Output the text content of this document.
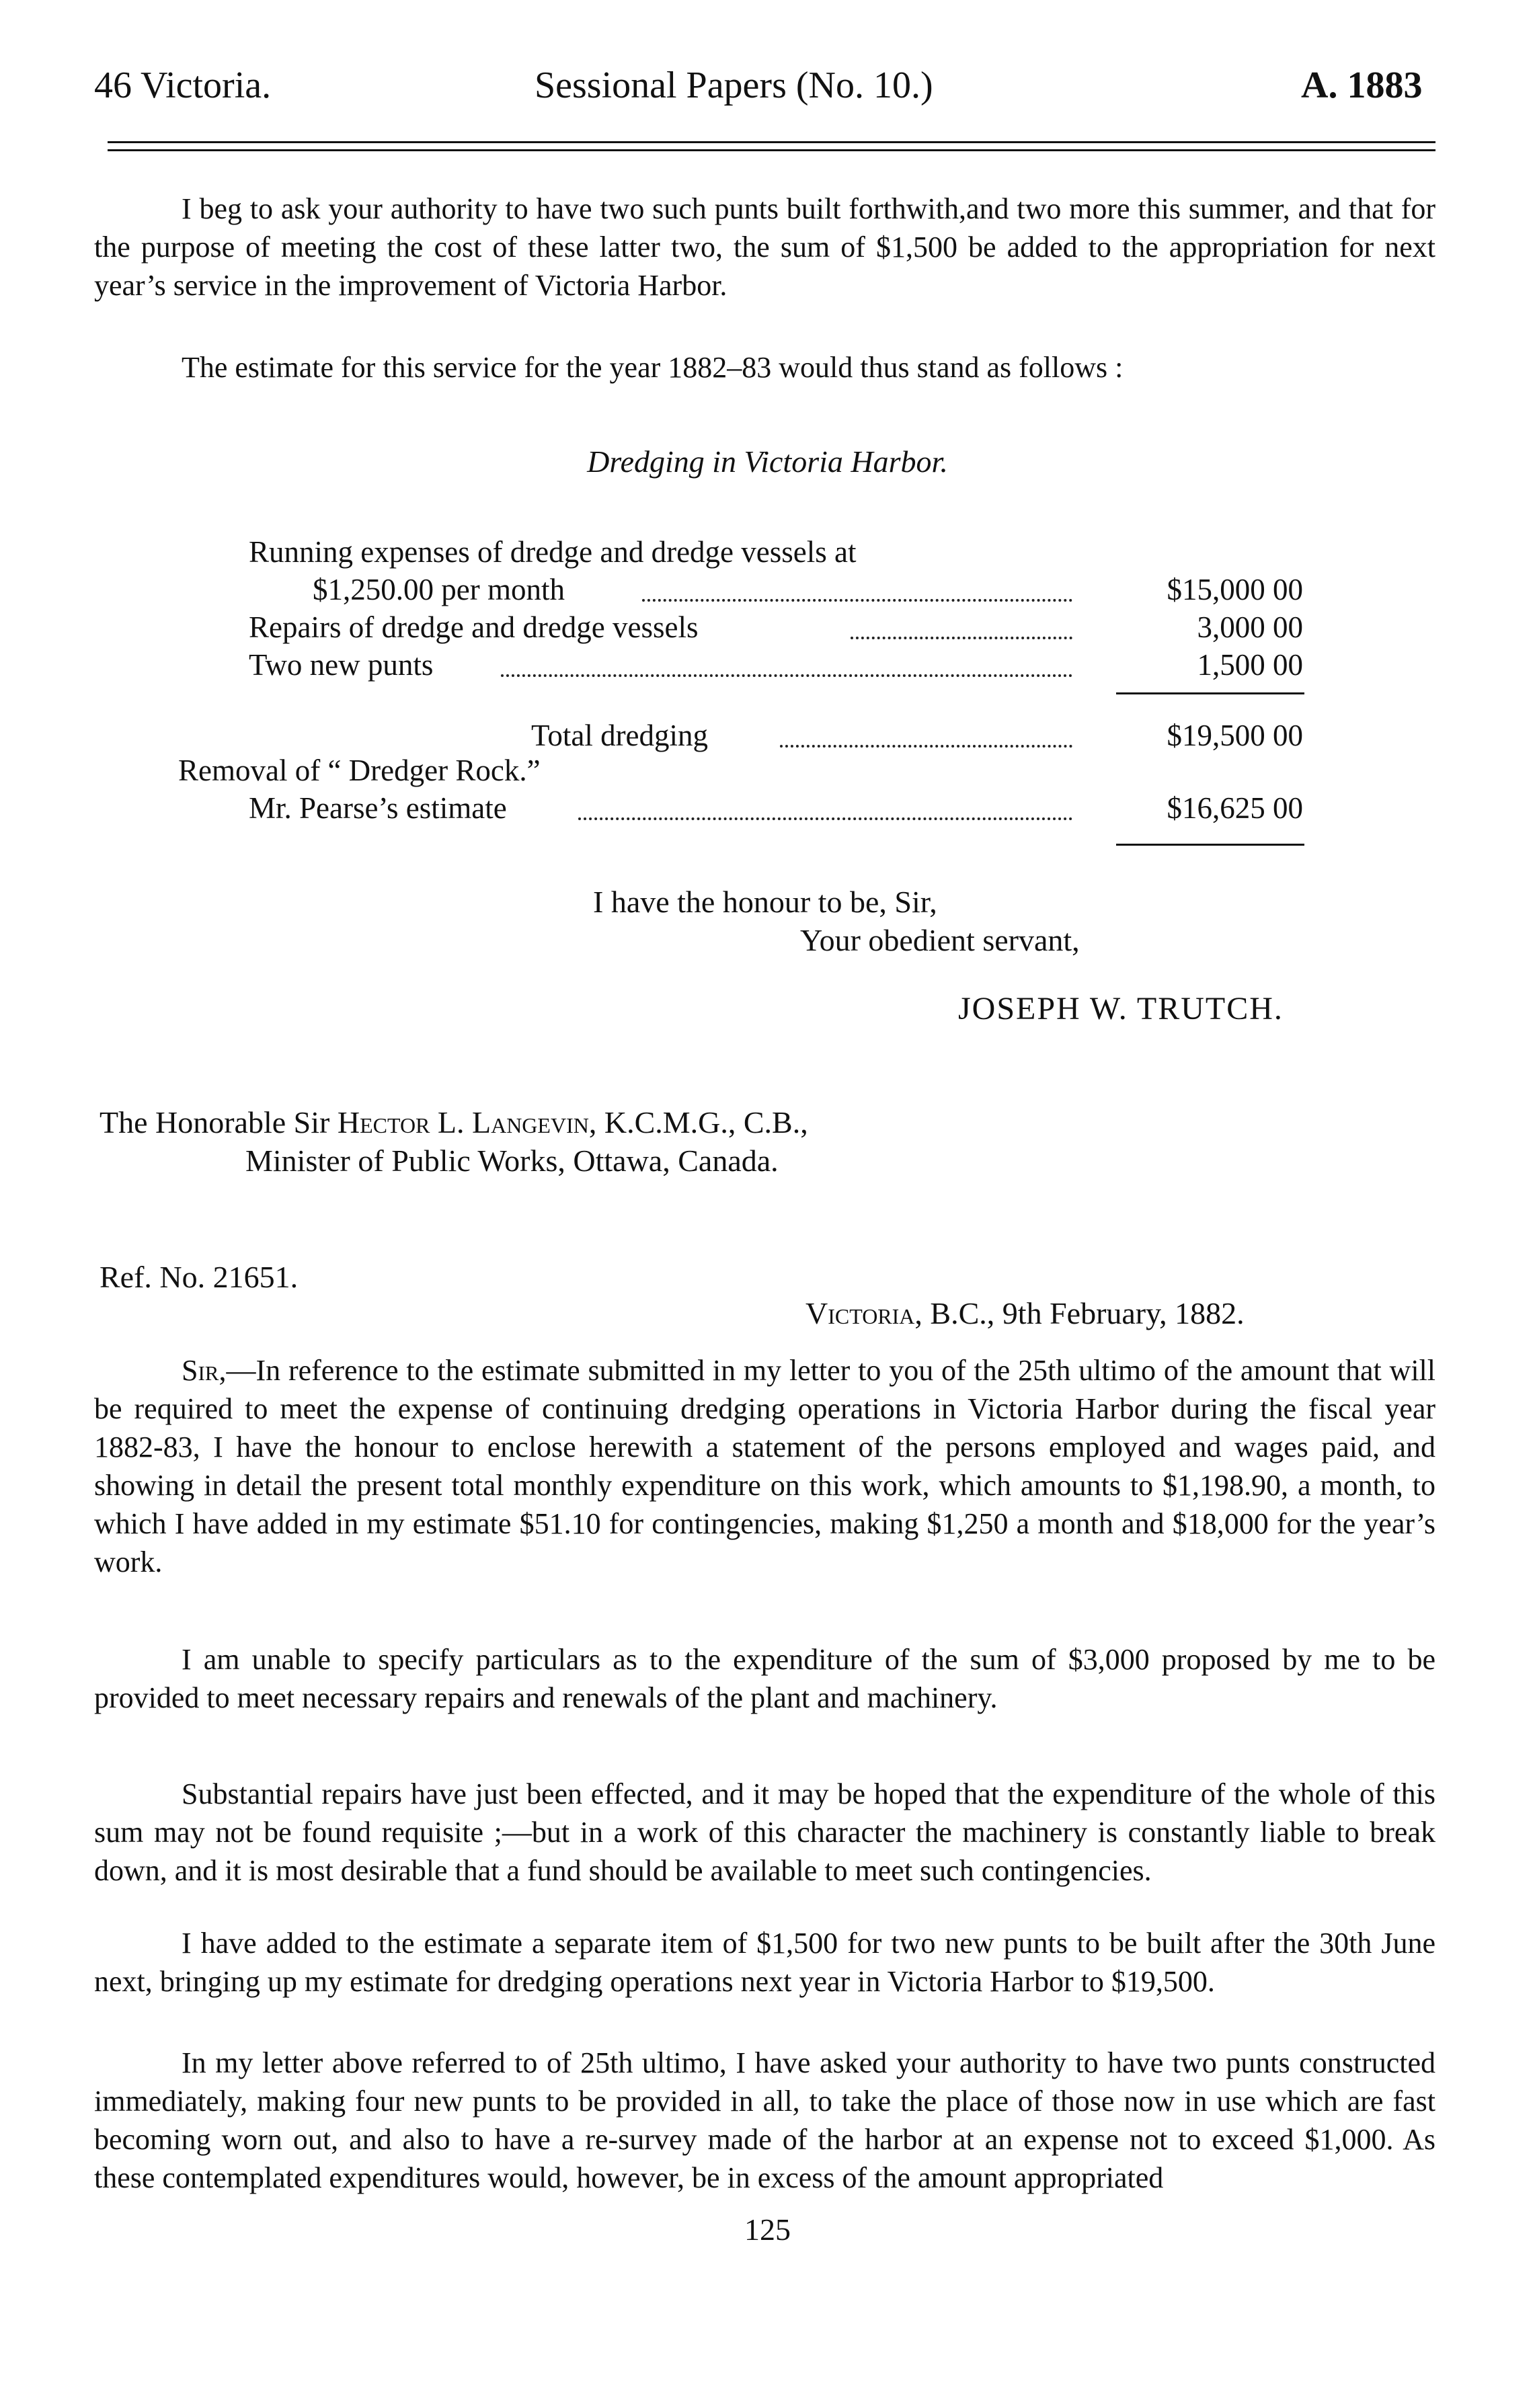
46 Victoria.	Sessional Papers (No. 10.)	A. 1883

I beg to ask your authority to have two such punts built forthwith,and two more this summer, and that for the purpose of meeting the cost of these latter two, the sum of $1,500 be added to the appropriation for next year’s service in the improvement of Victoria Harbor.

The estimate for this service for the year 1882–83 would thus stand as follows :

Dredging in Victoria Harbor.
Running expenses of dredge and dredge vessels at
$1,250.00 per month	$15,000 00
Repairs of dredge and dredge vessels	3,000 00
Two new punts	1,500 00
Total dredging	$19,500 00
Removal of “ Dredger Rock.”
Mr. Pearse’s estimate	$16,625 00
I have the honour to be, Sir,
Your obedient servant,
JOSEPH W. TRUTCH.
The Honorable Sir Hector L. Langevin, K.C.M.G., C.B.,
Minister of Public Works, Ottawa, Canada.
Ref. No. 21651.
Victoria, B.C., 9th February, 1882.

Sir,—In reference to the estimate submitted in my letter to you of the 25th ultimo of the amount that will be required to meet the expense of continuing dredging operations in Victoria Harbor during the fiscal year 1882-83, I have the honour to enclose herewith a statement of the persons employed and wages paid, and showing in detail the present total monthly expenditure on this work, which amounts to $1,198.90, a month, to which I have added in my estimate $51.10 for contingencies, making $1,250 a month and $18,000 for the year’s work.

I am unable to specify particulars as to the expenditure of the sum of $3,000 proposed by me to be provided to meet necessary repairs and renewals of the plant and machinery.

Substantial repairs have just been effected, and it may be hoped that the expenditure of the whole of this sum may not be found requisite ;—but in a work of this character the machinery is constantly liable to break down, and it is most desirable that a fund should be available to meet such contingencies.

I have added to the estimate a separate item of $1,500 for two new punts to be built after the 30th June next, bringing up my estimate for dredging operations next year in Victoria Harbor to $19,500.

In my letter above referred to of 25th ultimo, I have asked your authority to have two punts constructed immediately, making four new punts to be provided in all, to take the place of those now in use which are fast becoming worn out, and also to have a re-survey made of the harbor at an expense not to exceed $1,000. As these contemplated expenditures would, however, be in excess of the amount appropriated

125
